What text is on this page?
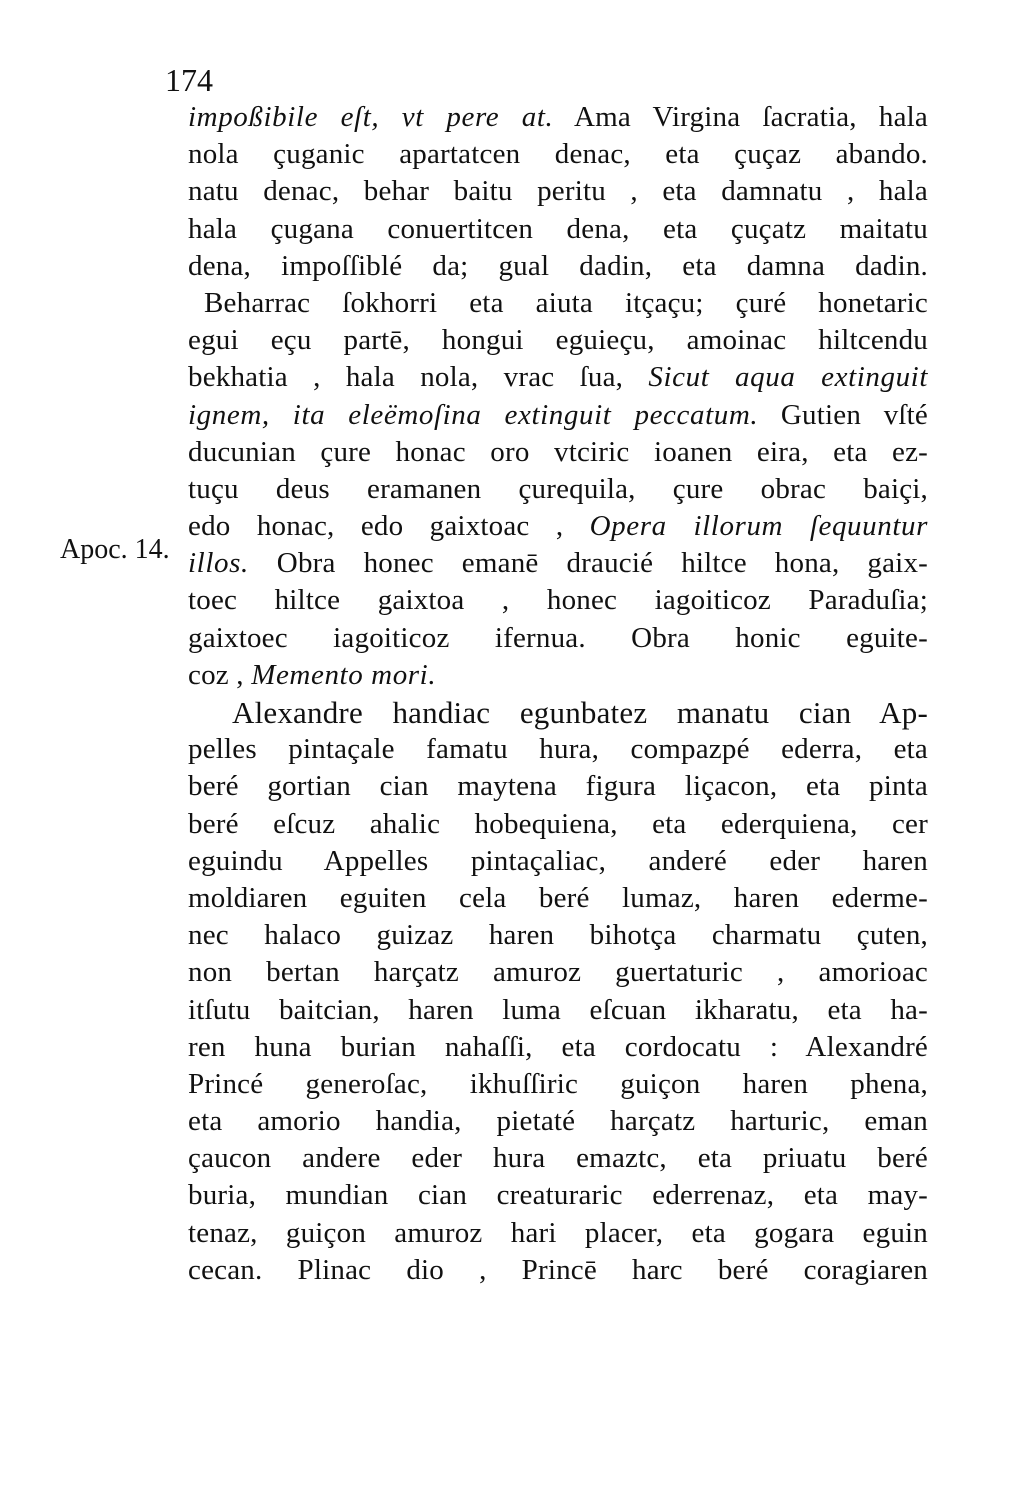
174
Apoc. 14.
impoßibile eſt, vt pere at. Ama Virgina ſacratia, hala
nola çuganic apartatcen denac, eta çuçaz abando.
natu denac, behar baitu peritu , eta damnatu , hala
hala çugana conuertitcen dena, eta çuçatz maitatu
dena, impoſſiblé da; gual dadin, eta damna dadin.
Beharrac ſokhorri eta aiuta itçaçu; çuré honetaric
egui eçu partē, hongui eguieçu, amoinac hiltcendu
bekhatia , hala nola, vrac ſua, Sicut aqua extinguit
ignem, ita eleëmoſina extinguit peccatum. Gutien vſté
ducunian çure honac oro vtciric ioanen eira, eta ez-
tuçu deus eramanen çurequila, çure obrac baiçi,
edo honac, edo gaixtoac , Opera illorum ſequuntur
illos. Obra honec emanē draucié hiltce hona, gaix-
toec hiltce gaixtoa , honec iagoiticoz Paraduſia;
gaixtoec iagoiticoz ifernua. Obra honic eguite-
coz , Memento mori.
Alexandre handiac egunbatez manatu cian Ap-
pelles pintaçale famatu hura, compazpé ederra, eta
beré gortian cian maytena figura liçacon, eta pinta
beré eſcuz ahalic hobequiena, eta ederquiena, cer
eguindu Appelles pintaçaliac, anderé eder haren
moldiaren eguiten cela beré lumaz, haren ederme-
nec halaco guizaz haren bihotça charmatu çuten,
non bertan harçatz amuroz guertaturic , amorioac
itſutu baitcian, haren luma eſcuan ikharatu, eta ha-
ren huna burian nahaſſi, eta cordocatu : Alexandré
Princé generoſac, ikhuſſiric guiçon haren phena,
eta amorio handia, pietaté harçatz harturic, eman
çaucon andere eder hura emaztc, eta priuatu beré
buria, mundian cian creaturaric ederrenaz, eta may-
tenaz, guiçon amuroz hari placer, eta gogara eguin
cecan. Plinac dio , Princē harc beré coragiaren
